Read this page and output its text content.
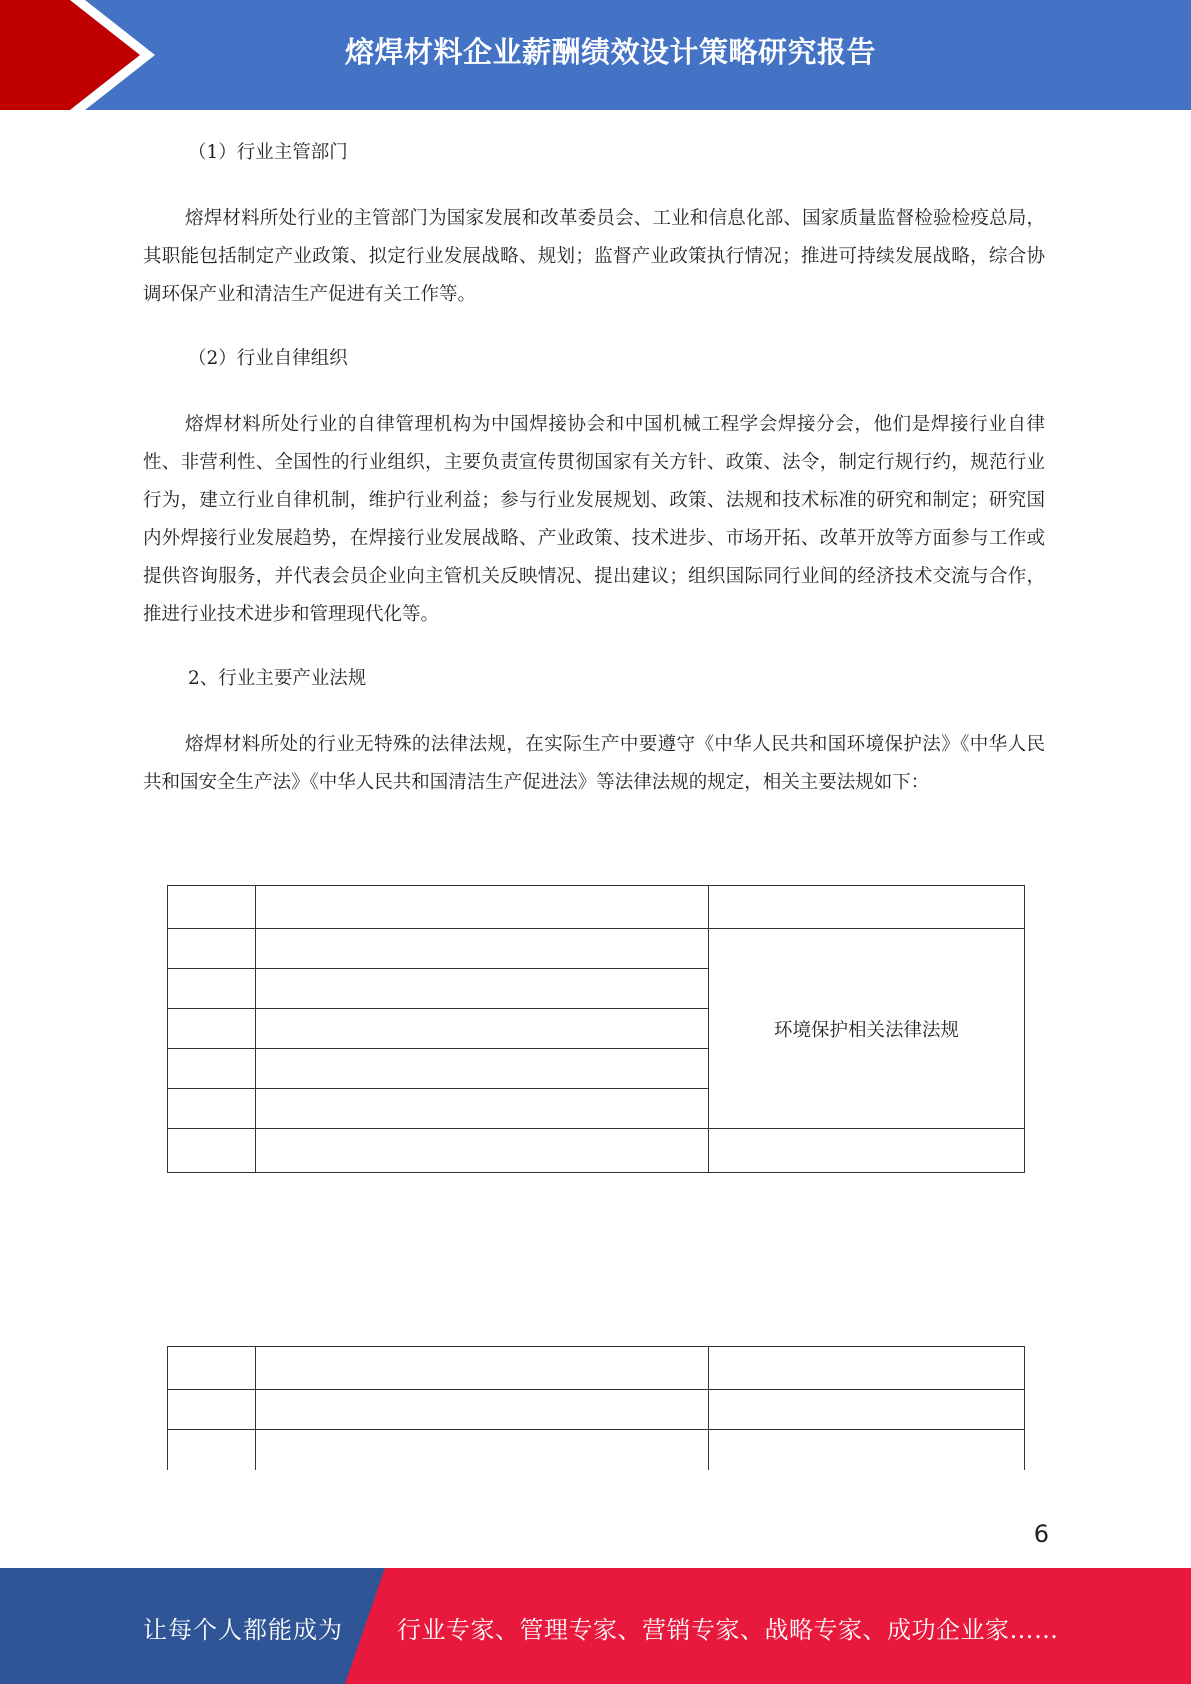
熔焊材料企业薪酬绩效设计策略研究报告

（1）行业主管部门

熔焊材料所处行业的主管部门为国家发展和改革委员会、工业和信息化部、国家质量监督检验检疫总局，其职能包括制定产业政策、拟定行业发展战略、规划；监督产业政策执行情况；推进可持续发展战略，综合协调环保产业和清洁生产促进有关工作等。

（2）行业自律组织

熔焊材料所处行业的自律管理机构为中国焊接协会和中国机械工程学会焊接分会，他们是焊接行业自律性、非营利性、全国性的行业组织，主要负责宣传贯彻国家有关方针、政策、法令，制定行规行约，规范行业行为，建立行业自律机制，维护行业利益；参与行业发展规划、政策、法规和技术标准的研究和制定；研究国内外焊接行业发展趋势，在焊接行业发展战略、产业政策、技术进步、市场开拓、改革开放等方面参与工作或提供咨询服务，并代表会员企业向主管机关反映情况、提出建议；组织国际同行业间的经济技术交流与合作，推进行业技术进步和管理现代化等。

2、行业主要产业法规

熔焊材料所处的行业无特殊的法律法规，在实际生产中要遵守《中华人民共和国环境保护法》《中华人民共和国安全生产法》《中华人民共和国清洁生产促进法》等法律法规的规定，相关主要法规如下：

		环境保护相关法律法规

6
让每个人都能成为 行业专家、管理专家、营销专家、战略专家、成功企业家……
